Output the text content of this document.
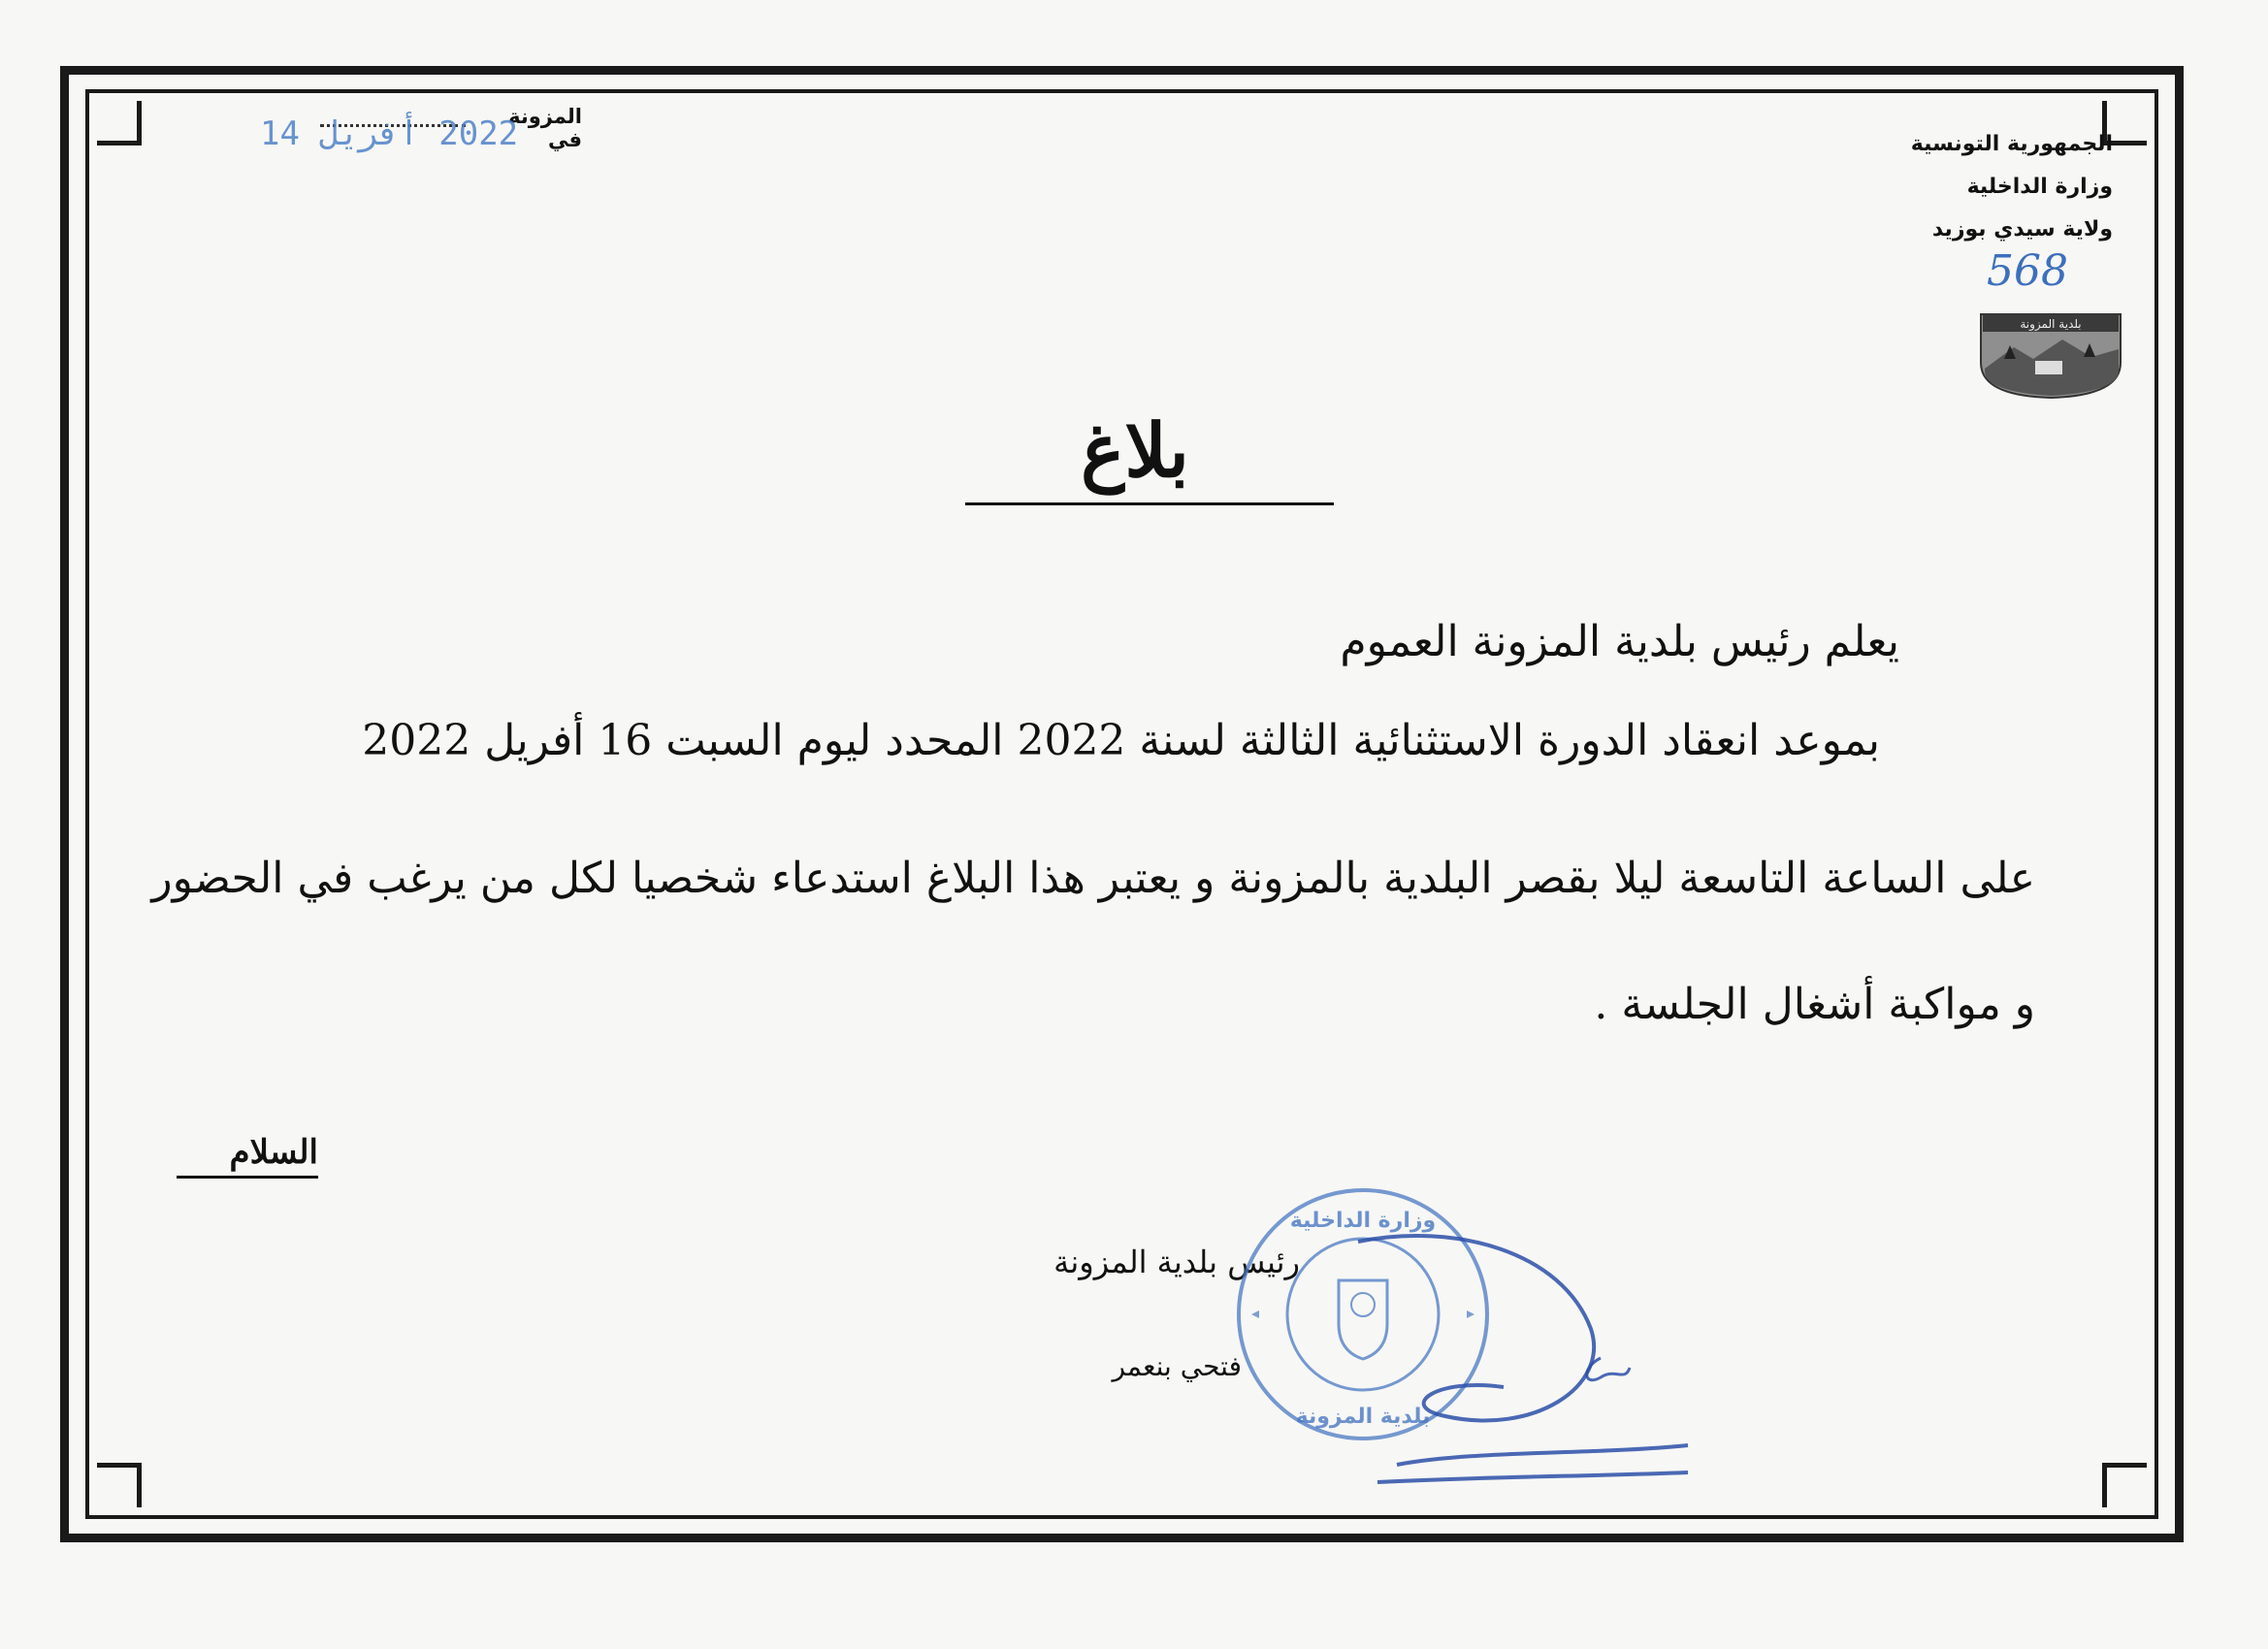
المزونة في
2022 أفريل 14	الجمهورية التونسية
وزارة الداخلية
ولاية سيدي بوزيد
568
بلدية المزونة
بلاغ
يعلم رئيس بلدية المزونة العموم
بموعد انعقاد الدورة الاستثنائية الثالثة لسنة 2022 المحدد ليوم السبت 16 أفريل 2022
على الساعة التاسعة ليلا بقصر البلدية بالمزونة و يعتبر هذا البلاغ استدعاء شخصيا لكل من يرغب في الحضور
و مواكبة أشغال الجلسة .
السلام
رئيس بلدية المزونة
فتحي بنعمر
وزارة الداخلية
بلدية المزونة
